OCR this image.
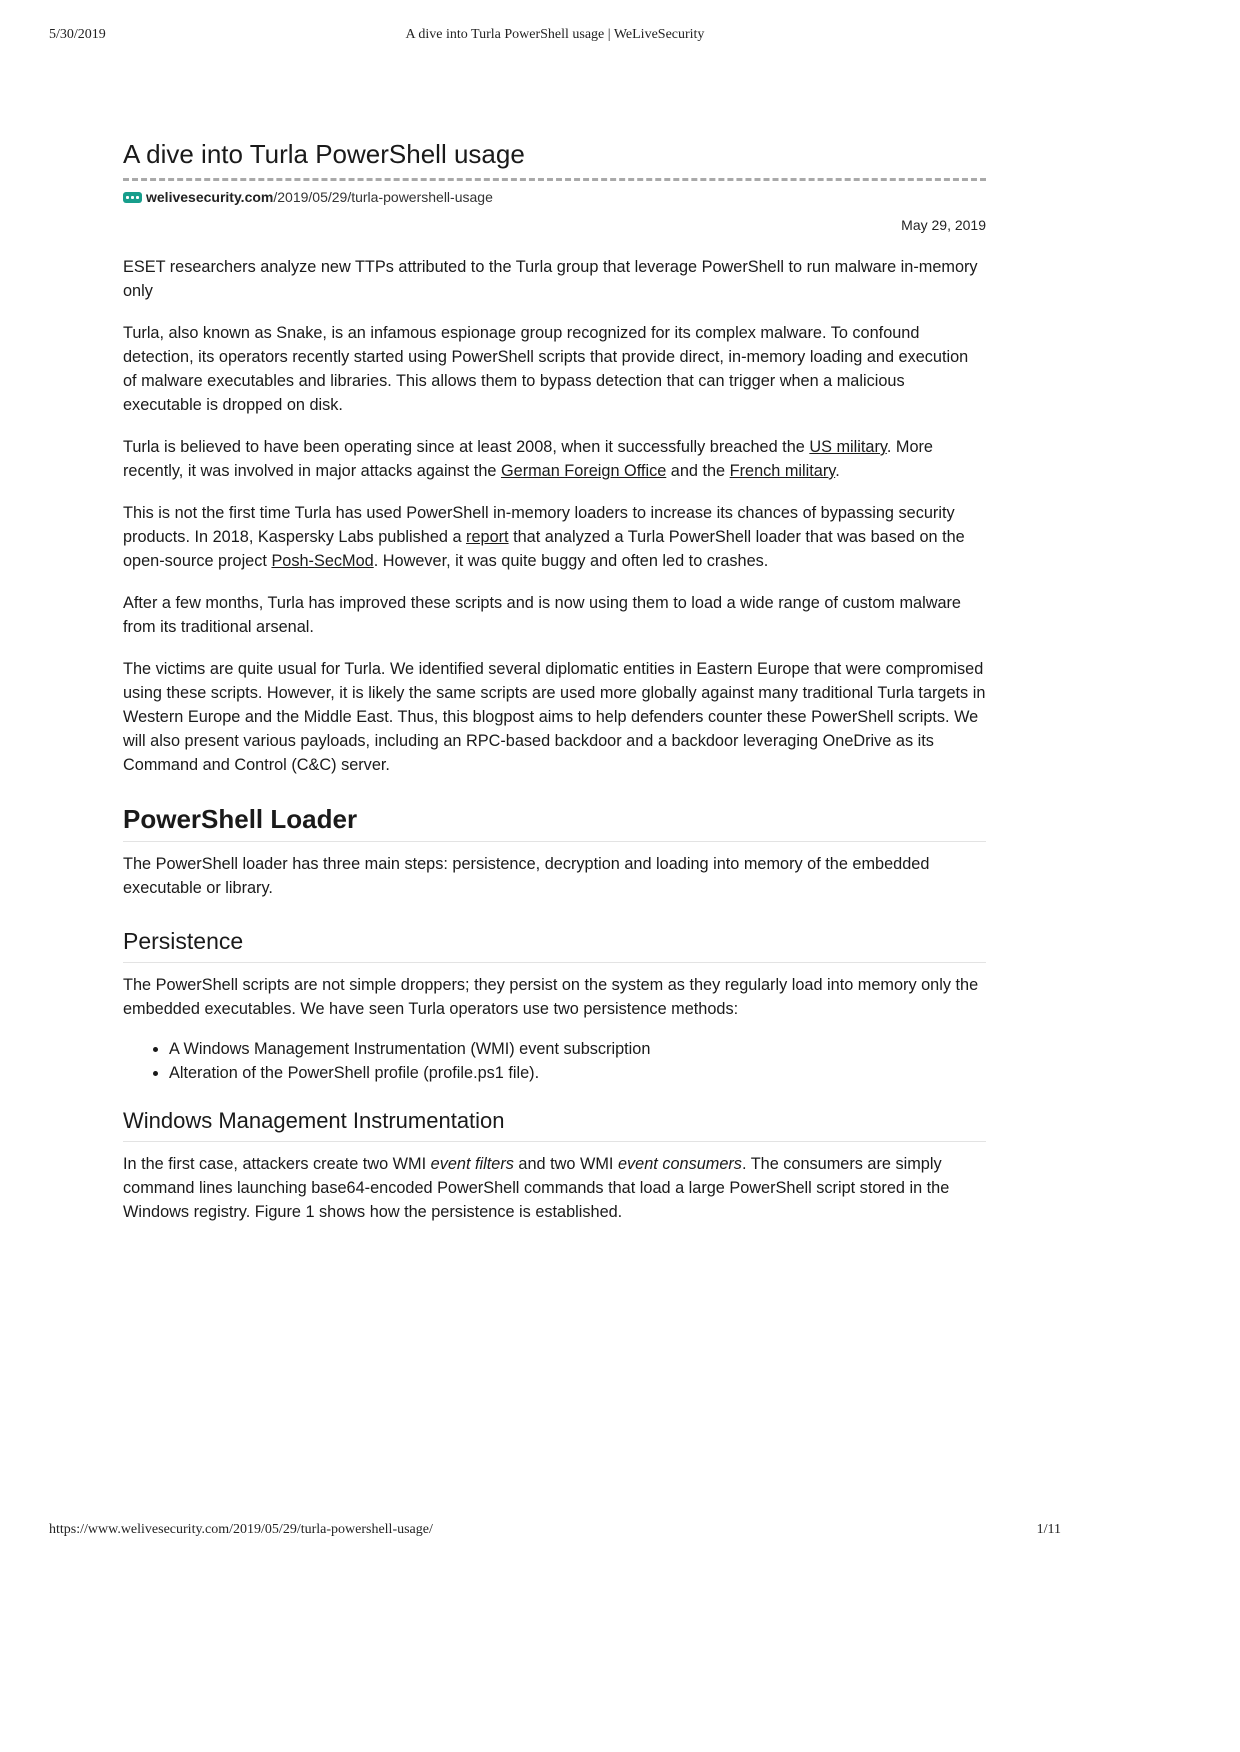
5/30/2019	A dive into Turla PowerShell usage | WeLiveSecurity
A dive into Turla PowerShell usage
welivesecurity.com /2019/05/29/turla-powershell-usage
May 29, 2019

ESET researchers analyze new TTPs attributed to the Turla group that leverage PowerShell to run malware in-memory only

Turla, also known as Snake, is an infamous espionage group recognized for its complex malware. To confound detection, its operators recently started using PowerShell scripts that provide direct, in-memory loading and execution of malware executables and libraries. This allows them to bypass detection that can trigger when a malicious executable is dropped on disk.

Turla is believed to have been operating since at least 2008, when it successfully breached the US military. More recently, it was involved in major attacks against the German Foreign Office and the French military.

This is not the first time Turla has used PowerShell in-memory loaders to increase its chances of bypassing security products. In 2018, Kaspersky Labs published a report that analyzed a Turla PowerShell loader that was based on the open-source project Posh-SecMod. However, it was quite buggy and often led to crashes.

After a few months, Turla has improved these scripts and is now using them to load a wide range of custom malware from its traditional arsenal.

The victims are quite usual for Turla. We identified several diplomatic entities in Eastern Europe that were compromised using these scripts. However, it is likely the same scripts are used more globally against many traditional Turla targets in Western Europe and the Middle East. Thus, this blogpost aims to help defenders counter these PowerShell scripts. We will also present various payloads, including an RPC-based backdoor and a backdoor leveraging OneDrive as its Command and Control (C&C) server.

PowerShell Loader

The PowerShell loader has three main steps: persistence, decryption and loading into memory of the embedded executable or library.

Persistence

The PowerShell scripts are not simple droppers; they persist on the system as they regularly load into memory only the embedded executables. We have seen Turla operators use two persistence methods:

• A Windows Management Instrumentation (WMI) event subscription
• Alteration of the PowerShell profile (profile.ps1 file).
Windows Management Instrumentation

In the first case, attackers create two WMI event filters and two WMI event consumers. The consumers are simply command lines launching base64-encoded PowerShell commands that load a large PowerShell script stored in the Windows registry. Figure 1 shows how the persistence is established.

https://www.welivesecurity.com/2019/05/29/turla-powershell-usage/	1/11
